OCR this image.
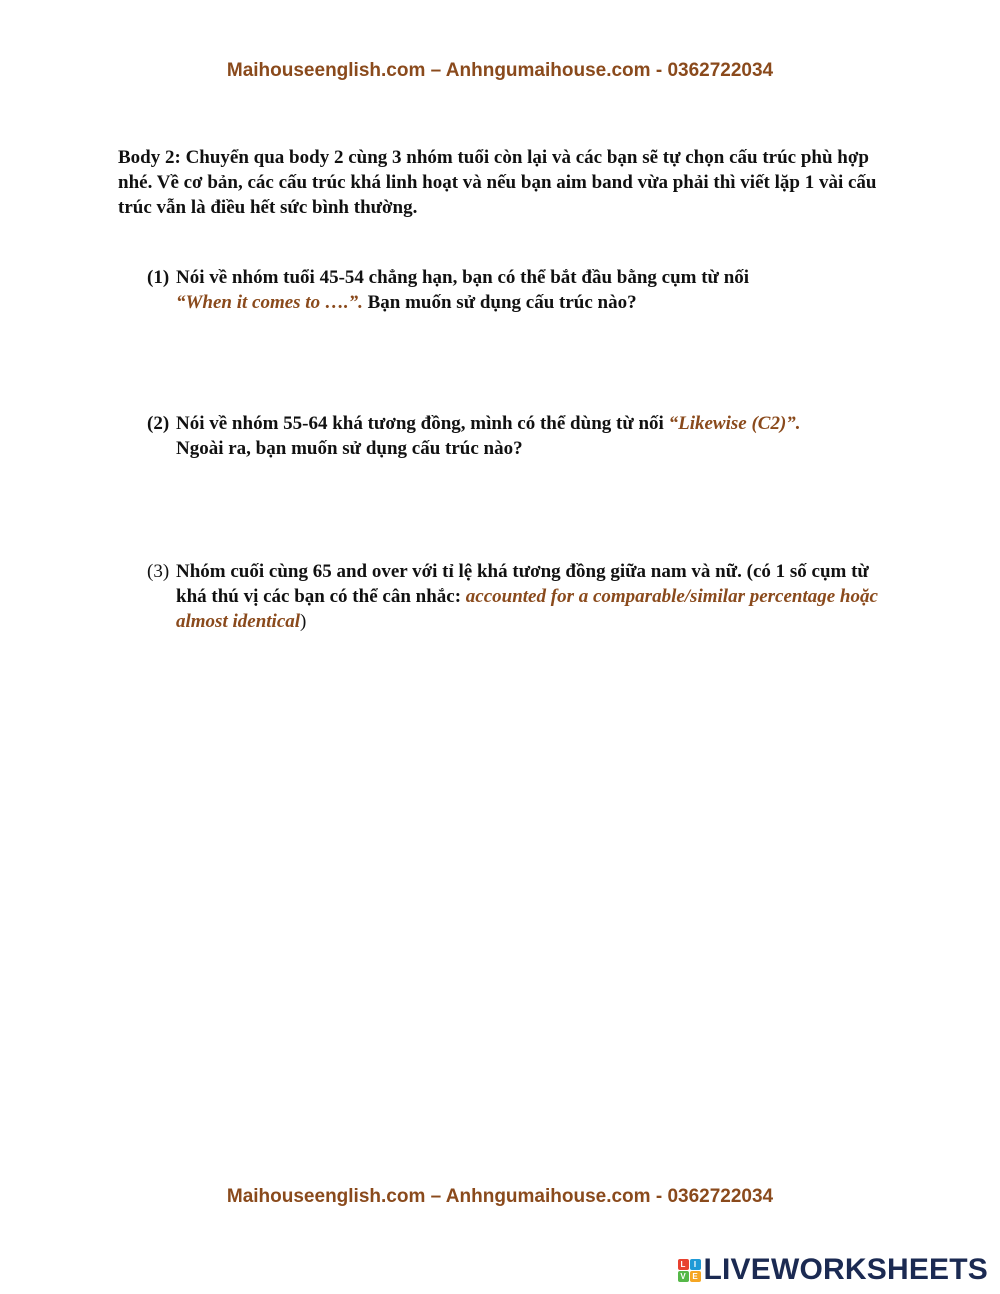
Maihouseenglish.com – Anhngumaihouse.com - 0362722034
Body 2: Chuyển qua body 2 cùng 3 nhóm tuổi còn lại và các bạn sẽ tự chọn cấu trúc phù hợp nhé. Về cơ bản, các cấu trúc khá linh hoạt và nếu bạn aim band vừa phải thì viết lặp 1 vài cấu trúc vẫn là điều hết sức bình thường.
(1) Nói về nhóm tuổi 45-54 chẳng hạn, bạn có thể bắt đầu bằng cụm từ nối
“When it comes to ….”. Bạn muốn sử dụng cấu trúc nào?
(2) Nói về nhóm 55-64 khá tương đồng, mình có thể dùng từ nối “Likewise (C2)”.
Ngoài ra, bạn muốn sử dụng cấu trúc nào?
(3) Nhóm cuối cùng 65 and over với tỉ lệ khá tương đồng giữa nam và nữ. (có 1 số cụm từ khá thú vị các bạn có thể cân nhắc: accounted for a comparable/similar percentage hoặc almost identical)
Maihouseenglish.com – Anhngumaihouse.com - 0362722034
L	I
V E LIVEWORKSHEETS
